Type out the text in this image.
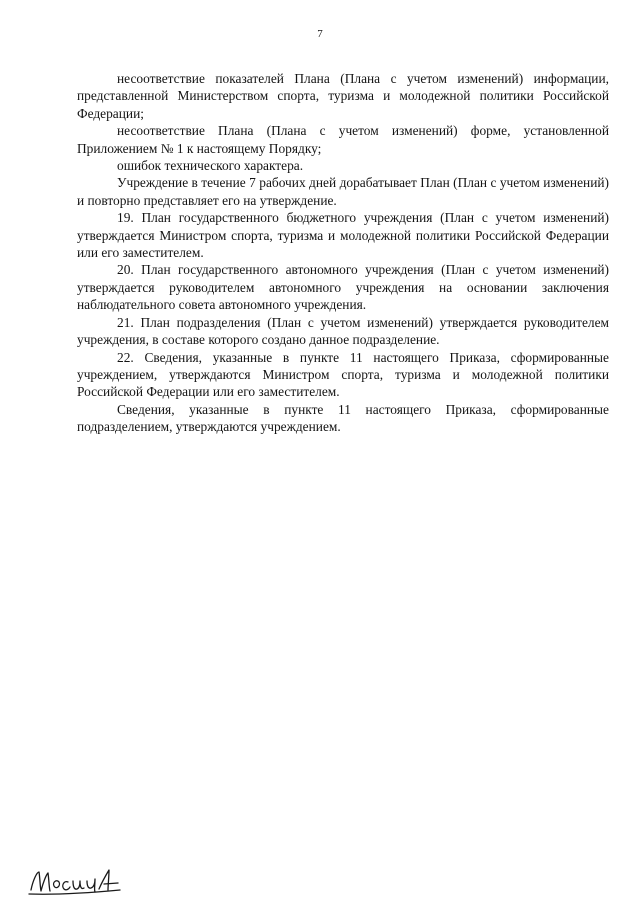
7

несоответствие показателей Плана (Плана с учетом изменений) информации, представленной Министерством спорта, туризма и молодежной политики Российской Федерации;

несоответствие Плана (Плана с учетом изменений) форме, установленной Приложением № 1 к настоящему Порядку;

ошибок технического характера.

Учреждение в течение 7 рабочих дней дорабатывает План (План с учетом изменений) и повторно представляет его на утверждение.

19. План государственного бюджетного учреждения (План с учетом изменений) утверждается Министром спорта, туризма и молодежной политики Российской Федерации или его заместителем.

20. План государственного автономного учреждения (План с учетом изменений) утверждается руководителем автономного учреждения на основании заключения наблюдательного совета автономного учреждения.

21. План подразделения (План с учетом изменений) утверждается руководителем учреждения, в составе которого создано данное подразделение.

22. Сведения, указанные в пункте 11 настоящего Приказа, сформированные учреждением, утверждаются Министром спорта, туризма и молодежной политики Российской Федерации или его заместителем.

Сведения, указанные в пункте 11 настоящего Приказа, сформированные подразделением, утверждаются учреждением.
